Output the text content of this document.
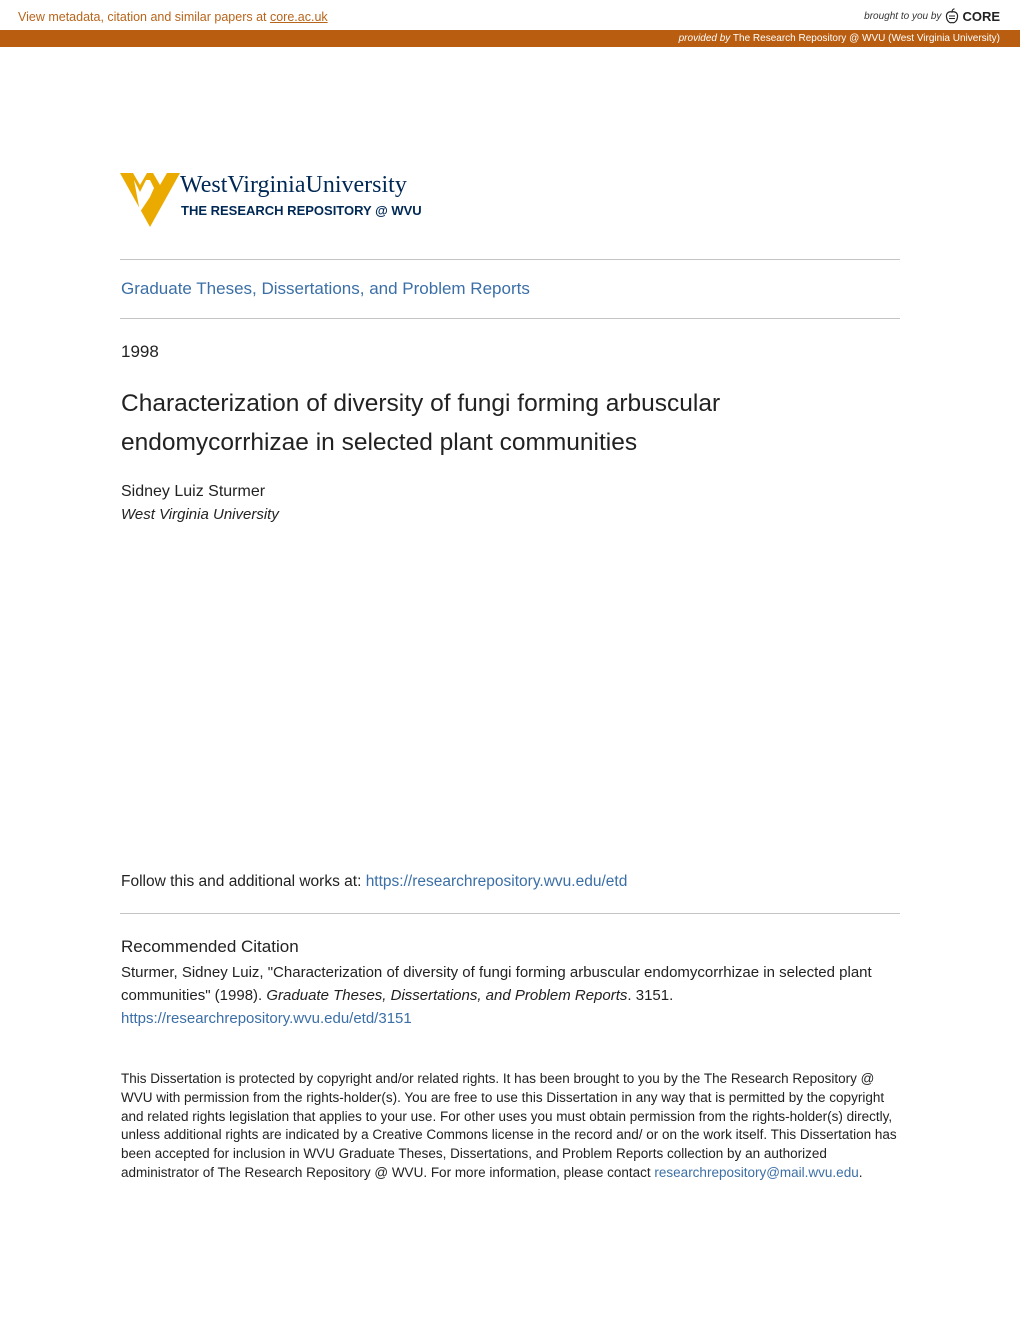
View metadata, citation and similar papers at core.ac.uk	brought to you by CORE
provided by The Research Repository @ WVU (West Virginia University)
WestVirginiaUniversity
THE RESEARCH REPOSITORY @ WVU
Graduate Theses, Dissertations, and Problem Reports
1998
Characterization of diversity of fungi forming arbuscular endomycorrhizae in selected plant communities
Sidney Luiz Sturmer
West Virginia University
Follow this and additional works at: https://researchrepository.wvu.edu/etd
Recommended Citation
Sturmer, Sidney Luiz, "Characterization of diversity of fungi forming arbuscular endomycorrhizae in selected plant communities" (1998). Graduate Theses, Dissertations, and Problem Reports. 3151.
https://researchrepository.wvu.edu/etd/3151
This Dissertation is protected by copyright and/or related rights. It has been brought to you by the The Research Repository @ WVU with permission from the rights-holder(s). You are free to use this Dissertation in any way that is permitted by the copyright and related rights legislation that applies to your use. For other uses you must obtain permission from the rights-holder(s) directly, unless additional rights are indicated by a Creative Commons license in the record and/ or on the work itself. This Dissertation has been accepted for inclusion in WVU Graduate Theses, Dissertations, and Problem Reports collection by an authorized administrator of The Research Repository @ WVU. For more information, please contact researchrepository@mail.wvu.edu.
